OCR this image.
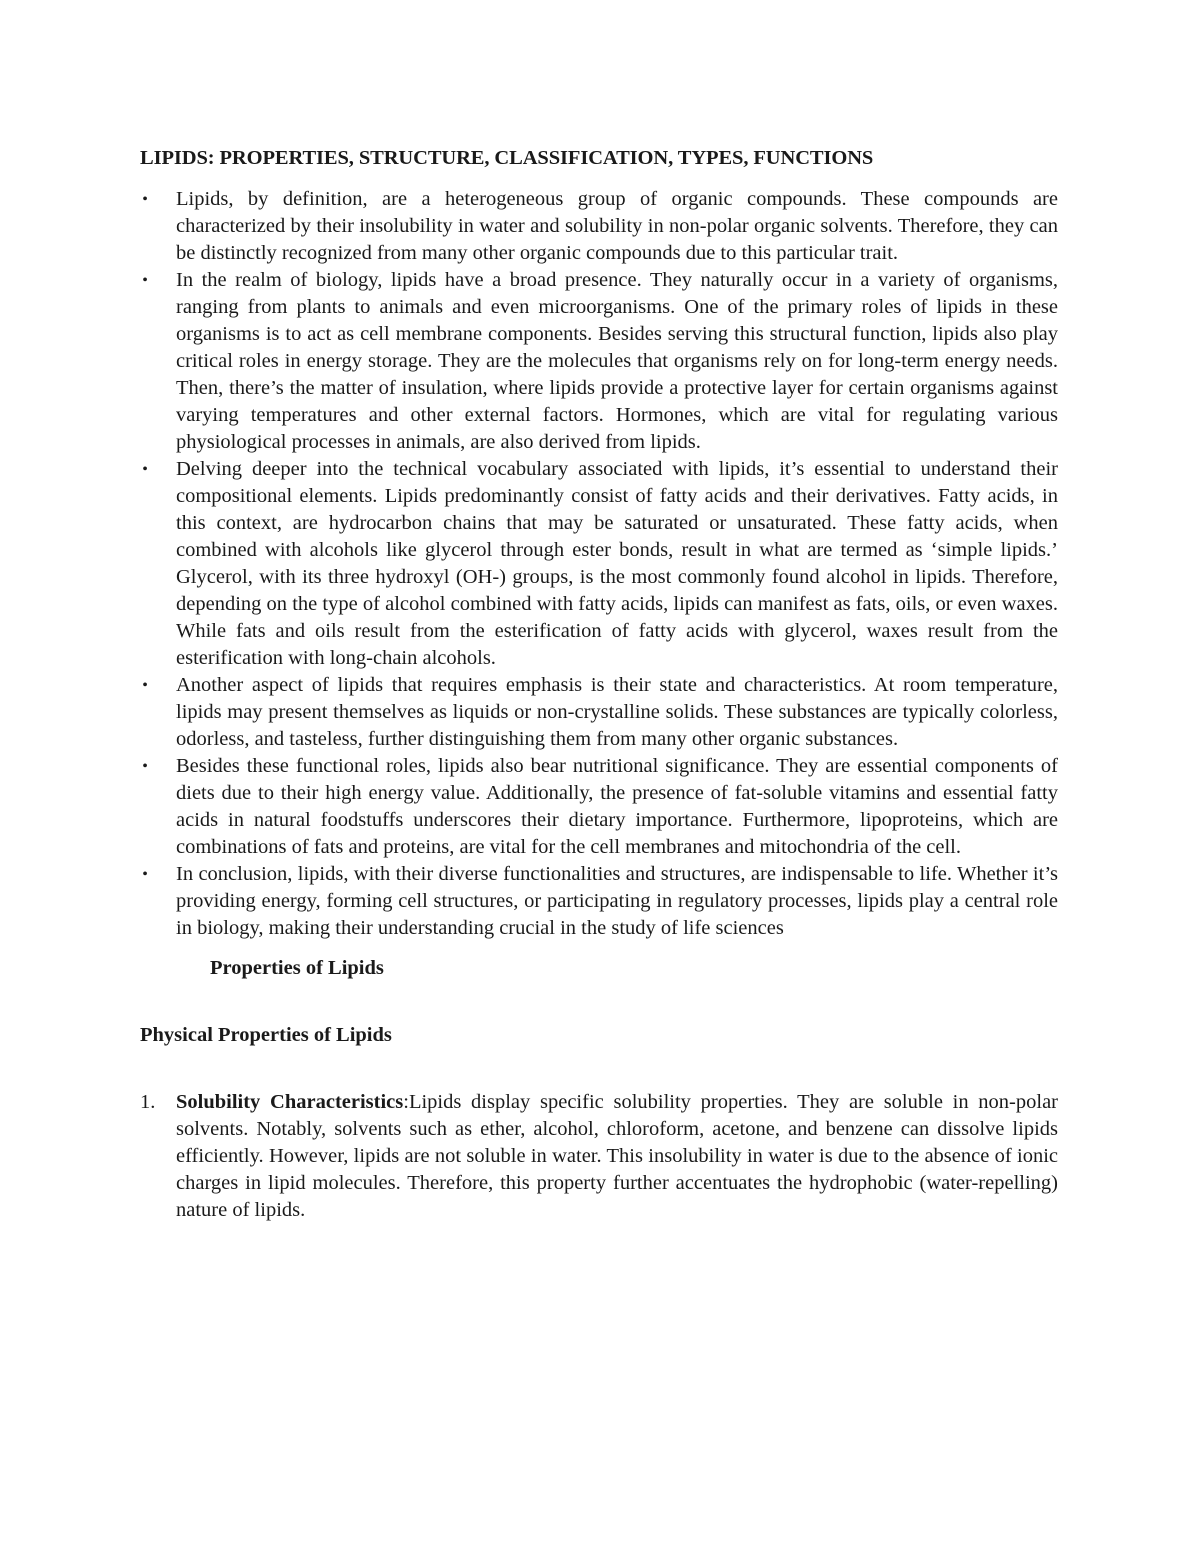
LIPIDS: PROPERTIES, STRUCTURE, CLASSIFICATION, TYPES, FUNCTIONS
• Lipids, by definition, are a heterogeneous group of organic compounds. These compounds are characterized by their insolubility in water and solubility in non-polar organic solvents. Therefore, they can be distinctly recognized from many other organic compounds due to this particular trait.
• In the realm of biology, lipids have a broad presence. They naturally occur in a variety of organisms, ranging from plants to animals and even microorganisms. One of the primary roles of lipids in these organisms is to act as cell membrane components. Besides serving this structural function, lipids also play critical roles in energy storage. They are the molecules that organisms rely on for long-term energy needs. Then, there’s the matter of insulation, where lipids provide a protective layer for certain organisms against varying temperatures and other external factors. Hormones, which are vital for regulating various physiological processes in animals, are also derived from lipids.
• Delving deeper into the technical vocabulary associated with lipids, it’s essential to understand their compositional elements. Lipids predominantly consist of fatty acids and their derivatives. Fatty acids, in this context, are hydrocarbon chains that may be saturated or unsaturated. These fatty acids, when combined with alcohols like glycerol through ester bonds, result in what are termed as ‘simple lipids.’ Glycerol, with its three hydroxyl (OH-) groups, is the most commonly found alcohol in lipids. Therefore, depending on the type of alcohol combined with fatty acids, lipids can manifest as fats, oils, or even waxes. While fats and oils result from the esterification of fatty acids with glycerol, waxes result from the esterification with long-chain alcohols.
• Another aspect of lipids that requires emphasis is their state and characteristics. At room temperature, lipids may present themselves as liquids or non-crystalline solids. These substances are typically colorless, odorless, and tasteless, further distinguishing them from many other organic substances.
• Besides these functional roles, lipids also bear nutritional significance. They are essential components of diets due to their high energy value. Additionally, the presence of fat-soluble vitamins and essential fatty acids in natural foodstuffs underscores their dietary importance. Furthermore, lipoproteins, which are combinations of fats and proteins, are vital for the cell membranes and mitochondria of the cell.
• In conclusion, lipids, with their diverse functionalities and structures, are indispensable to life. Whether it’s providing energy, forming cell structures, or participating in regulatory processes, lipids play a central role in biology, making their understanding crucial in the study of life sciences
Properties of Lipids
Physical Properties of Lipids
1. Solubility Characteristics:Lipids display specific solubility properties. They are soluble in non-polar solvents. Notably, solvents such as ether, alcohol, chloroform, acetone, and benzene can dissolve lipids efficiently. However, lipids are not soluble in water. This insolubility in water is due to the absence of ionic charges in lipid molecules. Therefore, this property further accentuates the hydrophobic (water-repelling) nature of lipids.
